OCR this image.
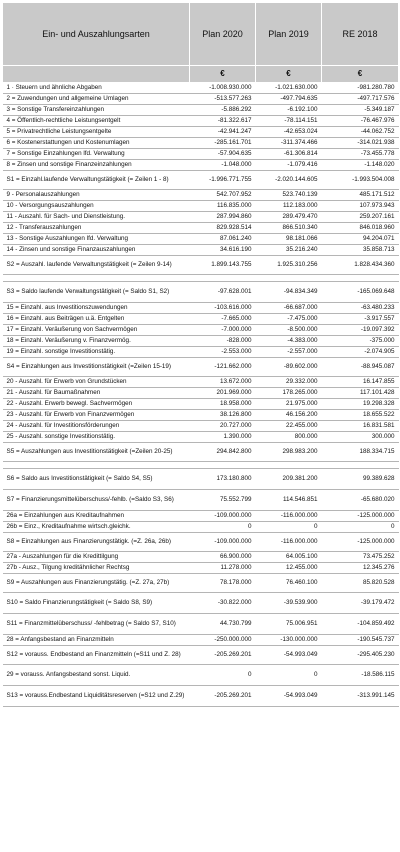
Ein- und Auszahlungsarten	Plan 2020	Plan 2019	RE 2018
	€	€	€
1 · Steuern und ähnliche Abgaben	-1.008.930.000	-1.021.630.000	-981.280.780
2 = Zuwendungen und allgemeine Umlagen	-513.577.263	-497.794.635	-497.717.576
3 = Sonstige Transfereinzahlungen	-5.886.292	-6.192.100	-5.349.187
4 = Öffentlich-rechtliche Leistungsentgelt	-81.322.617	-78.114.151	-76.467.976
5 = Privatrechtliche Leistungsentgelte	-42.941.247	-42.653.024	-44.062.752
6 = Kostenerstattungen und Kostenumlagen	-285.161.701	-311.374.466	-314.021.938
7 = Sonstige Einzahlungen lfd. Verwaltung	-57.904.635	-61.306.814	-73.455.778
8 = Zinsen und sonstige Finanzeinzahlungen	-1.048.000	-1.079.416	-1.148.020
S1 = Einzahl.laufende Verwaltungstätigkeit (= Zeilen 1 - 8)	-1.996.771.755	-2.020.144.605	-1.993.504.008
9 - Personalauszahlungen	542.707.952	523.740.139	485.171.512
10 - Versorgungsauszahlungen	116.835.000	112.183.000	107.973.943
11 - Auszahl. für Sach- und Dienstleistung.	287.994.860	289.479.470	259.207.161
12 - Transferauszahlungen	829.928.514	866.510.340	846.018.960
13 - Sonstige Auszahlungen lfd. Verwaltung	87.061.240	98.181.066	94.204.071
14 - Zinsen und sonstige Finanzauszahlungen	34.616.190	35.216.240	35.858.713
S2 = Auszahl. laufende Verwaltungstätigkeit (= Zeilen 9-14)	1.899.143.755	1.925.310.256	1.828.434.360

S3 = Saldo laufende Verwaltungstätigkeit (= Saldo S1, S2)	-97.628.001	-94.834.349	-165.069.648
15 = Einzahl. aus Investitionszuwendungen	-103.616.000	-66.687.000	-63.480.233
16 = Einzahl. aus Beiträgen u.ä. Entgelten	-7.665.000	-7.475.000	-3.917.557
17 = Einzahl. Veräußerung von Sachvermögen	-7.000.000	-8.500.000	-19.097.392
18 = Einzahl. Veräußerung v. Finanzvermög.	-828.000	-4.383.000	-375.000
19 = Einzahl. sonstige Investitionstätig.	-2.553.000	-2.557.000	-2.074.905
S4 = Einzahlungen aus Investitionstätigkeit (=Zeilen 15-19)	-121.662.000	-89.602.000	-88.945.087
20 - Auszahl. für Erwerb von Grundstücken	13.672.000	29.332.000	16.147.855
21 - Auszahl. für Baumaßnahmen	201.969.000	178.265.000	117.101.428
22 - Auszahl. Erwerb bewegl. Sachvermögen	18.958.000	21.975.000	19.298.328
23 - Auszahl. für Erwerb von Finanzvermögen	38.126.800	46.156.200	18.655.522
24 - Auszahl. für Investitionsförderungen	20.727.000	22.455.000	16.831.581
25 - Auszahl. sonstige Investitionstätig.	1.390.000	800.000	300.000
S5 = Auszahlungen aus Investitionstätigkeit (=Zeilen 20-25)	294.842.800	298.983.200	188.334.715

S6 = Saldo aus Investitionstätigkeit (= Saldo S4, S5)	173.180.800	209.381.200	99.389.628
S7 = Finanzierungsmittelüberschuss/-fehlb. (=Saldo S3, S6)	75.552.799	114.546.851	-65.680.020
26a = Einzahlungen aus Kreditaufnahmen	-109.000.000	-116.000.000	-125.000.000
26b = Einz., Kreditaufnahme wirtsch.gleichk.	0	0	0
S8 = Einzahlungen aus Finanzierungstätigk. (=Z. 26a, 26b)	-109.000.000	-116.000.000	-125.000.000
27a - Auszahlungen für die Kredittilgung	66.900.000	64.005.100	73.475.252
27b - Ausz., Tilgung kreditähnlicher Rechtsg	11.278.000	12.455.000	12.345.276
S9 = Auszahlungen aus Finanzierungstätig. (=Z. 27a, 27b)	78.178.000	76.460.100	85.820.528
S10 = Saldo Finanzierungstätigkeit (= Saldo S8, S9)	-30.822.000	-39.539.900	-39.179.472
S11 = Finanzmittelüberschuss/ -fehlbetrag (= Saldo S7, S10)	44.730.799	75.006.951	-104.859.492
28 = Anfangsbestand an Finanzmitteln	-250.000.000	-130.000.000	-190.545.737
S12 = vorauss. Endbestand an Finanzmitteln (=S11 und Z. 28)	-205.269.201	-54.993.049	-295.405.230
29 = vorauss. Anfangsbestand sonst. Liquid.	0	0	-18.586.115
S13 = vorauss.Endbestand Liquiditätsreserven (=S12 und Z.29)	-205.269.201	-54.993.049	-313.991.145
